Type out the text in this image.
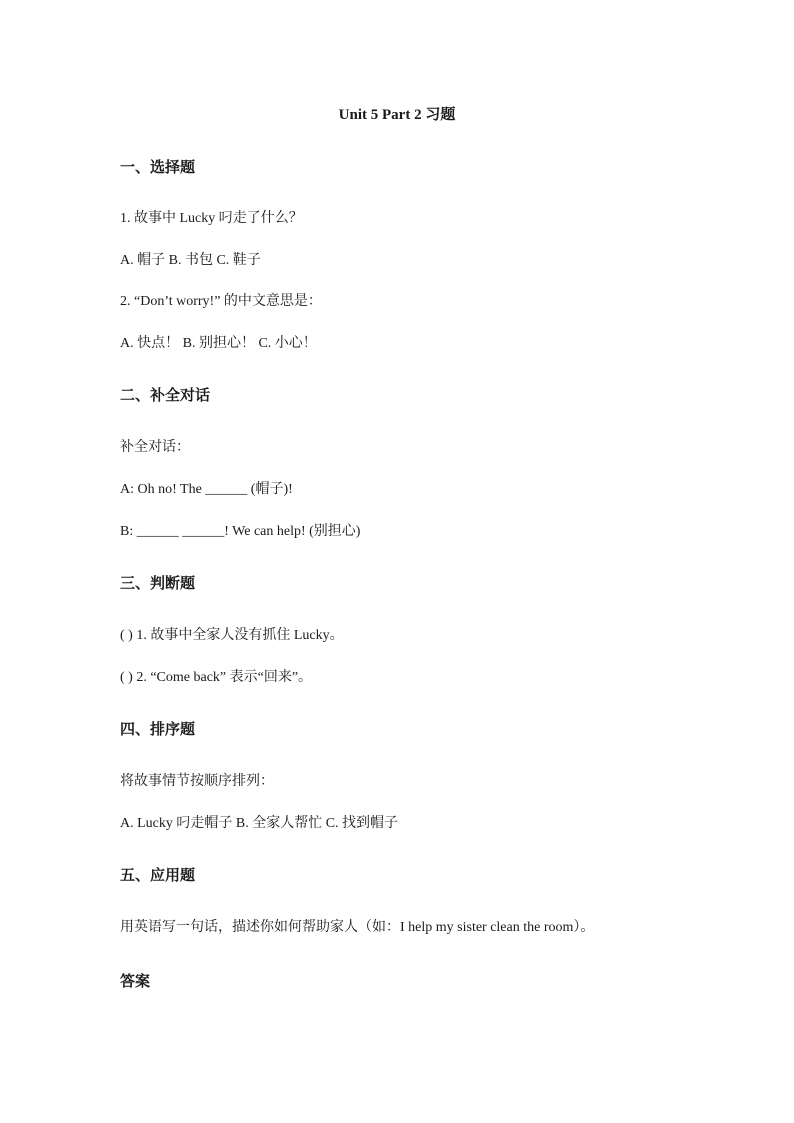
Unit 5 Part 2 习题
一、选择题
1. 故事中 Lucky 叼走了什么？
A. 帽子 B. 书包 C. 鞋子
2. “Don’t worry!” 的中文意思是：
A. 快点！ B. 别担心！ C. 小心！
二、补全对话
补全对话：
A: Oh no! The ______ (帽子)!
B: ______ ______! We can help! (别担心)
三、判断题
( ) 1. 故事中全家人没有抓住 Lucky。
( ) 2. “Come back” 表示“回来”。
四、排序题
将故事情节按顺序排列：
A. Lucky 叼走帽子 B. 全家人帮忙 C. 找到帽子
五、应用题
用英语写一句话，描述你如何帮助家人（如：I help my sister clean the room）。
答案
